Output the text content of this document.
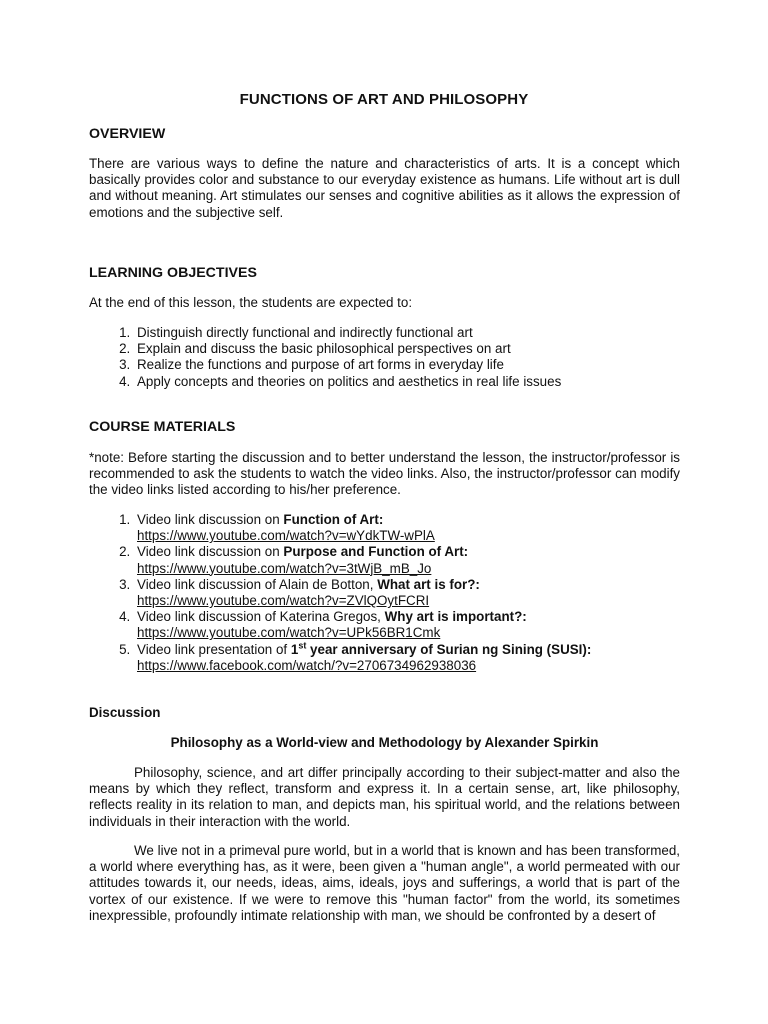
FUNCTIONS OF ART AND PHILOSOPHY
OVERVIEW

There are various ways to define the nature and characteristics of arts. It is a concept which basically provides color and substance to our everyday existence as humans. Life without art is dull and without meaning. Art stimulates our senses and cognitive abilities as it allows the expression of emotions and the subjective self.

LEARNING OBJECTIVES

At the end of this lesson, the students are expected to:

1. Distinguish directly functional and indirectly functional art
2. Explain and discuss the basic philosophical perspectives on art
3. Realize the functions and purpose of art forms in everyday life
4. Apply concepts and theories on politics and aesthetics in real life issues
COURSE MATERIALS

*note: Before starting the discussion and to better understand the lesson, the instructor/professor is recommended to ask the students to watch the video links. Also, the instructor/professor can modify the video links listed according to his/her preference.

1. Video link discussion on Function of Art:
https://www.youtube.com/watch?v=wYdkTW-wPlA
2. Video link discussion on Purpose and Function of Art:
https://www.youtube.com/watch?v=3tWjB_mB_Jo
3. Video link discussion of Alain de Botton, What art is for?:
https://www.youtube.com/watch?v=ZVlQOytFCRI
4. Video link discussion of Katerina Gregos, Why art is important?:
https://www.youtube.com/watch?v=UPk56BR1Cmk
5. Video link presentation of 1st year anniversary of Surian ng Sining (SUSI):
https://www.facebook.com/watch/?v=2706734962938036

Discussion

Philosophy as a World-view and Methodology by Alexander Spirkin

Philosophy, science, and art differ principally according to their subject-matter and also the means by which they reflect, transform and express it. In a certain sense, art, like philosophy, reflects reality in its relation to man, and depicts man, his spiritual world, and the relations between individuals in their interaction with the world.

We live not in a primeval pure world, but in a world that is known and has been transformed, a world where everything has, as it were, been given a "human angle", a world permeated with our attitudes towards it, our needs, ideas, aims, ideals, joys and sufferings, a world that is part of the vortex of our existence. If we were to remove this "human factor" from the world, its sometimes inexpressible, profoundly intimate relationship with man, we should be confronted by a desert of
